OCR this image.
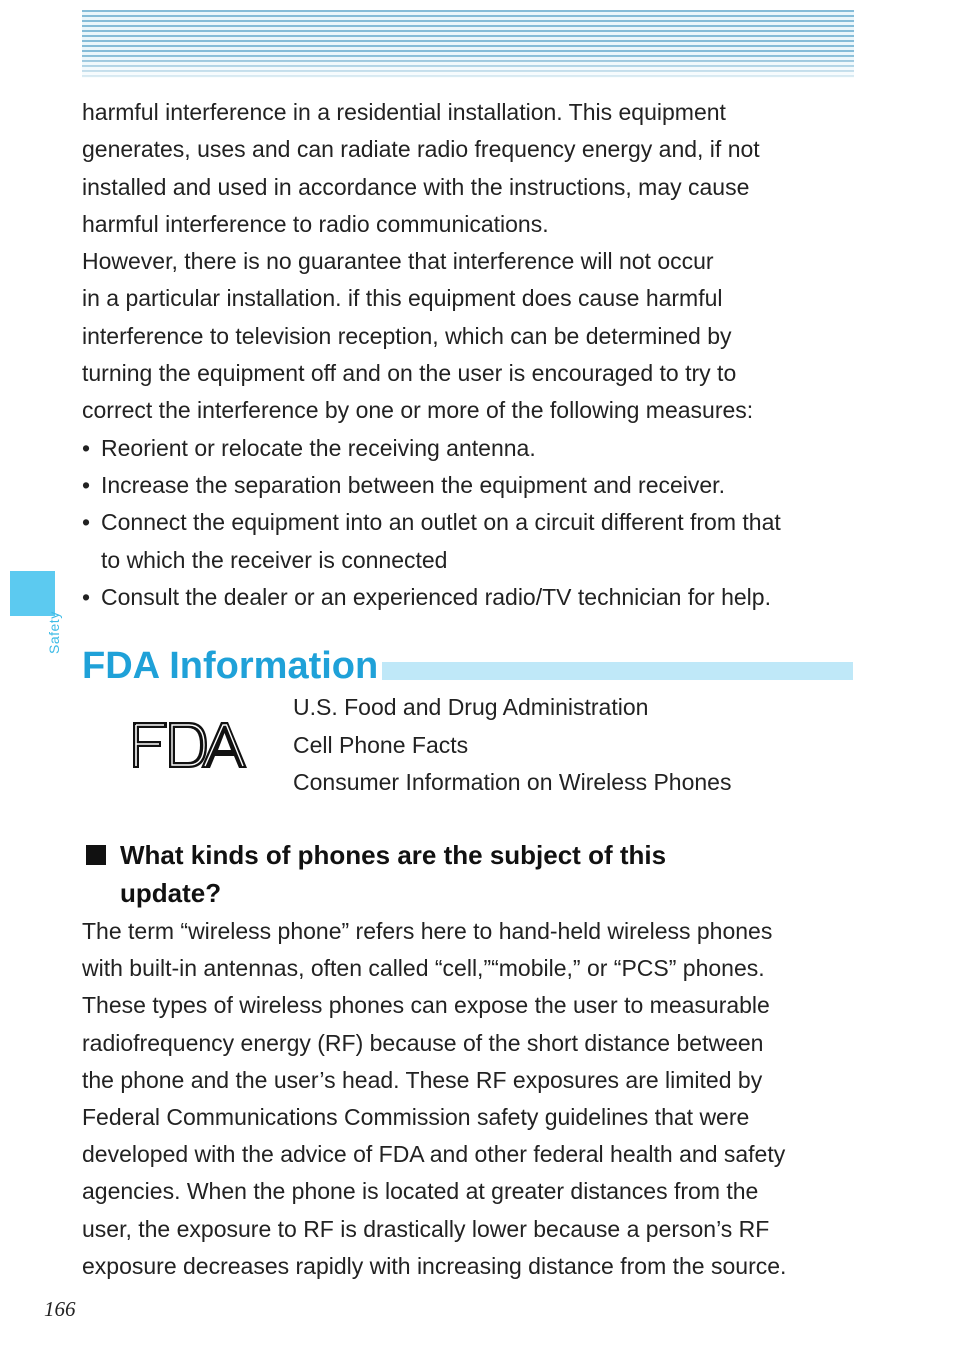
harmful interference in a residential installation. This equipment

generates, uses and can radiate radio frequency energy and, if not

installed and used in accordance with the instructions, may cause

harmful interference to radio communications.

However, there is no guarantee that interference will not occur

in a particular installation. if this equipment does cause harmful

interference to television reception, which can be determined by

turning the equipment off and on the user is encouraged to try to

correct the interference by one or more of the following measures:

• Reorient or relocate the receiving antenna.
• Increase the separation between the equipment and receiver.
• Connect the equipment into an outlet on a circuit different from that
to which the receiver is connected
• Consult the dealer or an experienced radio/TV technician for help.
Safety
FDA Information
U.S. Food and Drug Administration
Cell Phone Facts
Consumer Information on Wireless Phones
What kinds of phones are the subject of this
update?

The term “wireless phone” refers here to hand-held wireless phones

with built-in antennas, often called “cell,”“mobile,” or “PCS” phones.

These types of wireless phones can expose the user to measurable

radiofrequency energy (RF) because of the short distance between

the phone and the user’s head. These RF exposures are limited by

Federal Communications Commission safety guidelines that were

developed with the advice of FDA and other federal health and safety

agencies. When the phone is located at greater distances from the

user, the exposure to RF is drastically lower because a person’s RF

exposure decreases rapidly with increasing distance from the source.

166
